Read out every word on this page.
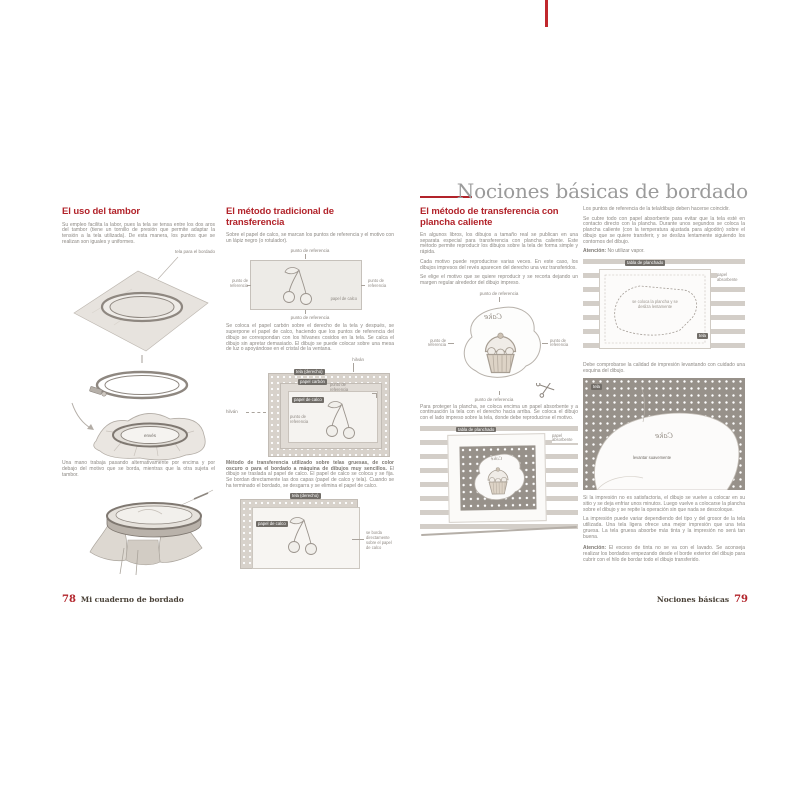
Nociones básicas de bordado
El uso del tambor

Su empleo facilita la labor, pues la tela se tensa entre los dos aros del tambor (tiene un tornillo de presión que permite adaptar la tensión a la tela utilizada). De esta manera, los puntos que se realizan son iguales y uniformes.

tela para el bordado
envés

Una mano trabaja pasando alternativamente por encima y por debajo del motivo que se borda, mientras que la otra sujeta el tambor.

El método tradicional de transferencia

Sobre el papel de calco, se marcan los puntos de referencia y el motivo con un lápiz negro (o rotulador).

punto de referencia
papel de calco
punto de referencia
punto de referencia
punto de referencia

Se coloca el papel carbón sobre el derecho de la tela y después, se superpone el papel de calco, haciendo que los puntos de referencia del dibujo se correspondan con los hilvanes cosidos en la tela. Se calca el dibujo sin apretar demasiado. El dibujo se puede colocar sobre una mesa de luz o apoyándose en el cristal de la ventana.

hilván
tela (derecho)
papel carbón
papel de calco
punto de referencia
punto de referencia
hilván

Método de transferencia utilizado sobre telas gruesas, de color oscuro o para el bordado a máquina de dibujos muy sencillos. El dibujo se traslada al papel de calco. El papel de calco se coloca y se fija. Se bordan directamente las dos capas (papel de calco y tela). Cuando se ha terminado el bordado, se desgarra y se elimina el papel de calco.

tela (derecho)
papel de calco
se borda directamente sobre el papel de calco
El método de transferencia con plancha caliente

En algunos libros, los dibujos a tamaño real se publican en una separata especial para transferencia con plancha caliente. Este método permite reproducir los dibujos sobre la tela de forma simple y rápida.

Cada motivo puede reproducirse varias veces. En este caso, los dibujos impresos del revés aparecen del derecho una vez transferidos.

Se elige el motivo que se quiere reproducir y se recorta dejando un margen regular alrededor del dibujo impreso.

punto de referencia
Cake
punto de referencia
punto de referencia
punto de referencia

Para proteger la plancha, se coloca encima un papel absorbente y a continuación la tela con el derecho hacia arriba. Se coloca el dibujo con el lado impreso sobre la tela, donde debe reproducirse el motivo.

Cake
tabla de planchado
papel absorbente

Los puntos de referencia de la tela/dibujo deben hacerse coincidir.

Se cubre todo con papel absorbente para evitar que la tela esté en contacto directo con la plancha. Durante unos segundos se coloca la plancha caliente (con la temperatura ajustada para algodón) sobre el dibujo que se quiere transferir, y se desliza lentamente siguiendo los contornos del dibujo.

Atención: No utilizar vapor.

tabla de planchado
se coloca la plancha y se desliza lentamente
papel absorbente
tela

Debe comprobarse la calidad de impresión levantando con cuidado una esquina del dibujo.

tela
Cake
levantar suavemente

Si la impresión no es satisfactoria, el dibujo se vuelve a colocar en su sitio y se deja enfriar unos minutos. Luego vuelve a colocarse la plancha sobre el dibujo y se repite la operación sin que nada se descoloque.

La impresión puede variar dependiendo del tipo y del grosor de la tela utilizada. Una tela ligera ofrece una mejor impresión que una tela gruesa. La tela gruesa absorbe más tinta y la impresión no será tan buena.

Atención: El exceso de tinta no se va con el lavado. Se aconseja realizar los bordados empezando desde el borde exterior del dibujo para cubrir con el hilo de bordar todo el dibujo transferido.

78 Mi cuaderno de bordado	Nociones básicas 79
